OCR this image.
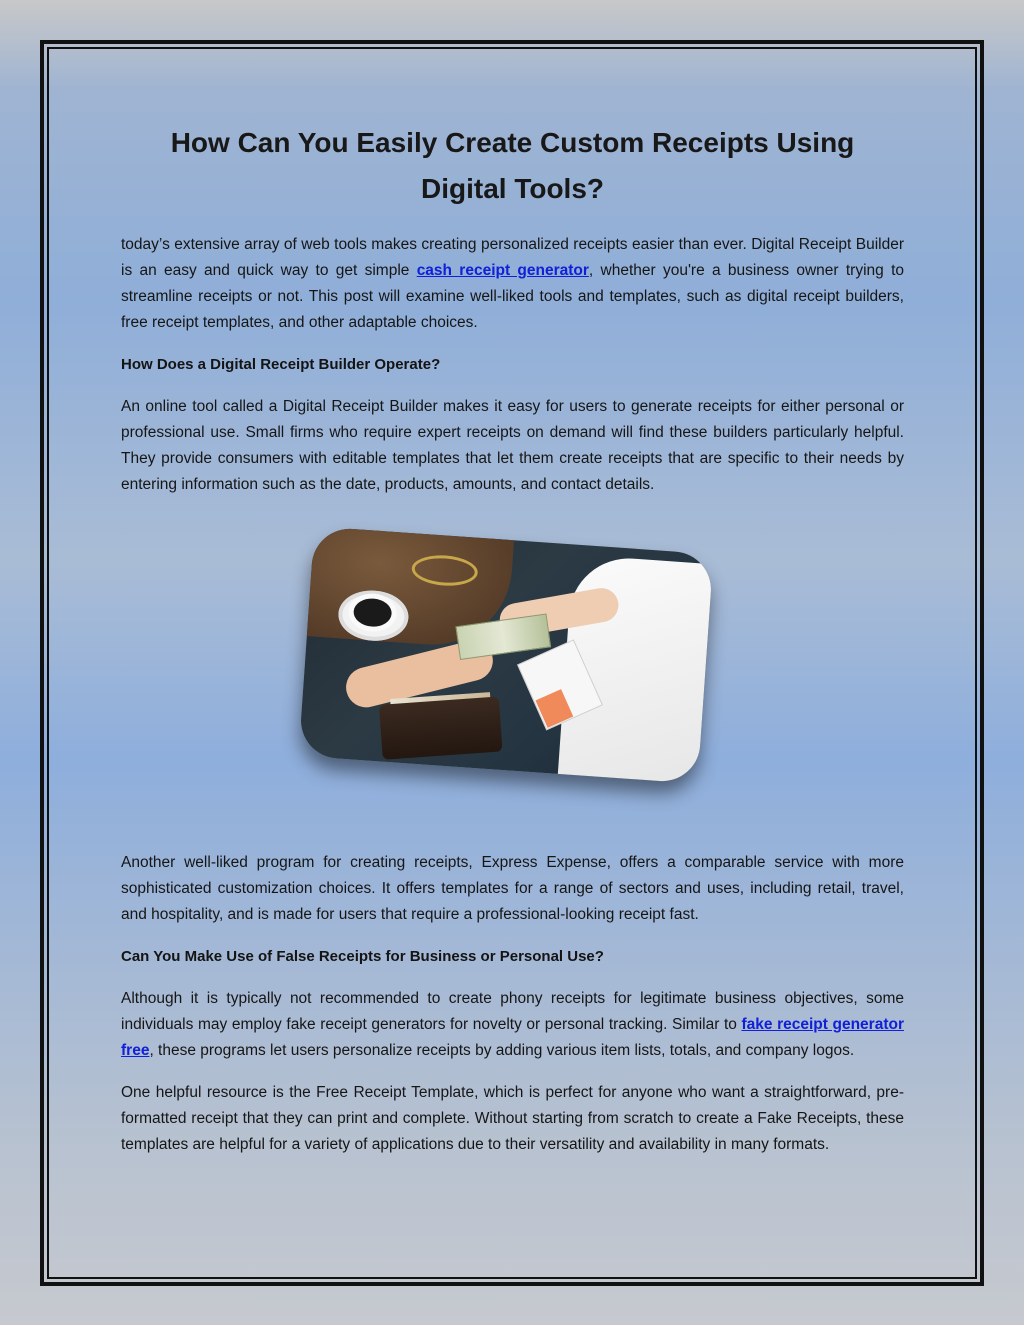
How Can You Easily Create Custom Receipts Using Digital Tools?

today’s extensive array of web tools makes creating personalized receipts easier than ever. Digital Receipt Builder is an easy and quick way to get simple cash receipt generator, whether you're a business owner trying to streamline receipts or not. This post will examine well-liked tools and templates, such as digital receipt builders, free receipt templates, and other adaptable choices.

How Does a Digital Receipt Builder Operate?

An online tool called a Digital Receipt Builder makes it easy for users to generate receipts for either personal or professional use. Small firms who require expert receipts on demand will find these builders particularly helpful. They provide consumers with editable templates that let them create receipts that are specific to their needs by entering information such as the date, products, amounts, and contact details.

Another well-liked program for creating receipts, Express Expense, offers a comparable service with more sophisticated customization choices. It offers templates for a range of sectors and uses, including retail, travel, and hospitality, and is made for users that require a professional-looking receipt fast.

Can You Make Use of False Receipts for Business or Personal Use?

Although it is typically not recommended to create phony receipts for legitimate business objectives, some individuals may employ fake receipt generators for novelty or personal tracking. Similar to fake receipt generator free, these programs let users personalize receipts by adding various item lists, totals, and company logos.

One helpful resource is the Free Receipt Template, which is perfect for anyone who want a straightforward, pre-formatted receipt that they can print and complete. Without starting from scratch to create a Fake Receipts, these templates are helpful for a variety of applications due to their versatility and availability in many formats.
